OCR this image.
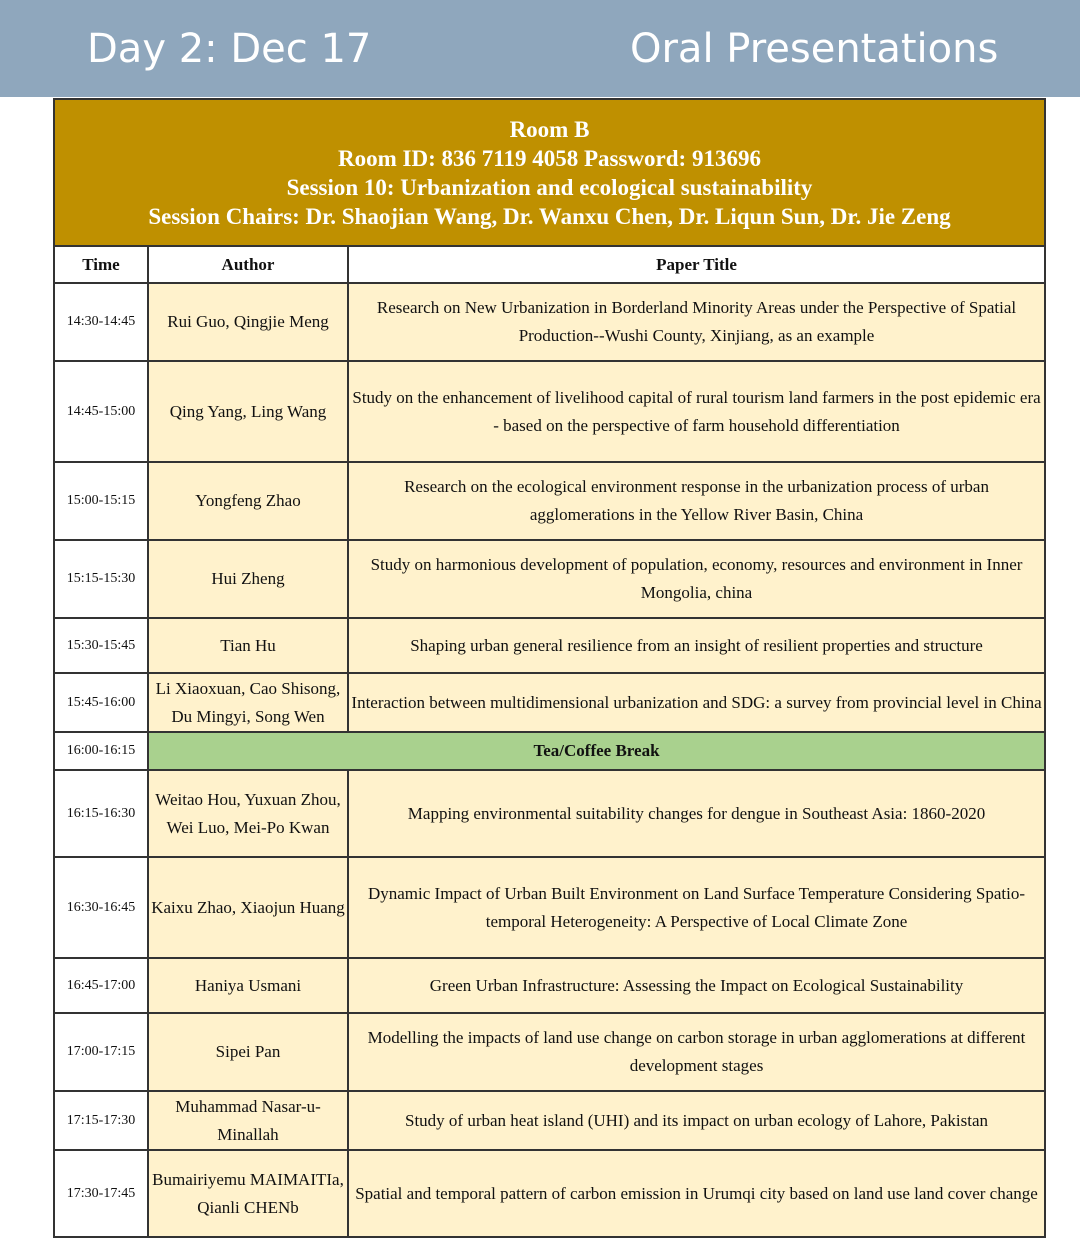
Day 2: Dec 17	Oral Presentations
Room B
Room ID: 836 7119 4058 Password: 913696
Session 10: Urbanization and ecological sustainability
Session Chairs: Dr. Shaojian Wang, Dr. Wanxu Chen, Dr. Liqun Sun, Dr. Jie Zeng		

Time	Author	Paper Title
14:30-14:45	Rui Guo, Qingjie Meng	Research on New Urbanization in Borderland Minority Areas under the Perspective of Spatial Production--Wushi County, Xinjiang, as an example
14:45-15:00	Qing Yang, Ling Wang	Study on the enhancement of livelihood capital of rural tourism land farmers in the post epidemic era - based on the perspective of farm household differentiation
15:00-15:15	Yongfeng Zhao	Research on the ecological environment response in the urbanization process of urban agglomerations in the Yellow River Basin, China
15:15-15:30	Hui Zheng	Study on harmonious development of population, economy, resources and environment in Inner Mongolia, china
15:30-15:45	Tian Hu	Shaping urban general resilience from an insight of resilient properties and structure
15:45-16:00	Li Xiaoxuan, Cao Shisong, Du Mingyi, Song Wen	Interaction between multidimensional urbanization and SDG: a survey from provincial level in China
16:00-16:15	Tea/Coffee Break	
16:15-16:30	Weitao Hou, Yuxuan Zhou, Wei Luo, Mei-Po Kwan	Mapping environmental suitability changes for dengue in Southeast Asia: 1860-2020
16:30-16:45	Kaixu Zhao, Xiaojun Huang	Dynamic Impact of Urban Built Environment on Land Surface Temperature Considering Spatio-temporal Heterogeneity: A Perspective of Local Climate Zone
16:45-17:00	Haniya Usmani	Green Urban Infrastructure: Assessing the Impact on Ecological Sustainability
17:00-17:15	Sipei Pan	Modelling the impacts of land use change on carbon storage in urban agglomerations at different development stages
17:15-17:30	Muhammad Nasar-u-Minallah	Study of urban heat island (UHI) and its impact on urban ecology of Lahore, Pakistan
17:30-17:45	Bumairiyemu MAIMAITIa, Qianli CHENb	Spatial and temporal pattern of carbon emission in Urumqi city based on land use land cover change
